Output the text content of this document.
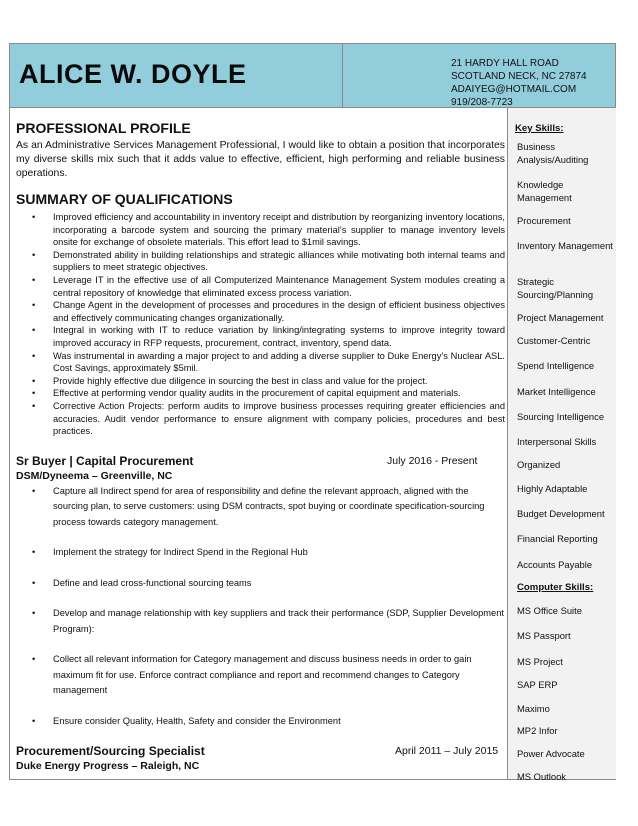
ALICE W. DOYLE	21 HARDY HALL ROAD
SCOTLAND NECK, NC 27874
ADAIYEG@HOTMAIL.COM
919/208-7723
PROFESSIONAL PROFILE

As an Administrative Services Management Professional, I would like to obtain a position that incorporates my diverse skills mix such that it adds value to effective, efficient, high performing and reliable business operations.

SUMMARY OF QUALIFICATIONS
• Improved efficiency and accountability in inventory receipt and distribution by reorganizing inventory locations, incorporating a barcode system and sourcing the primary material’s supplier to manage inventory levels onsite for exchange of obsolete materials. This effort lead to $1mil savings.
• Demonstrated ability in building relationships and strategic alliances while motivating both internal teams and suppliers to meet strategic objectives.
• Leverage IT in the effective use of all Computerized Maintenance Management System modules creating a central repository of knowledge that eliminated excess process variation.
• Change Agent in the development of processes and procedures in the design of efficient business objectives and effectively communicating changes organizationally.
• Integral in working with IT to reduce variation by linking/integrating systems to improve integrity toward improved accuracy in RFP requests, procurement, contract, inventory, spend data.
• Was instrumental in awarding a major project to and adding a diverse supplier to Duke Energy’s Nuclear ASL. Cost Savings, approximately $5mil.
• Provide highly effective due diligence in sourcing the best in class and value for the project.
• Effective at performing vendor quality audits in the procurement of capital equipment and materials.
• Corrective Action Projects: perform audits to improve business processes requiring greater efficiencies and accuracies. Audit vendor performance to ensure alignment with company policies, procedures and best practices.
Sr Buyer | Capital Procurement	July 2016 - Present
DSM/Dyneema – Greenville, NC
• Capture all Indirect spend for area of responsibility and define the relevant approach, aligned with the sourcing plan, to serve customers: using DSM contracts, spot buying or coordinate specification-sourcing process towards category management.
• Implement the strategy for Indirect Spend in the Regional Hub
• Define and lead cross-functional sourcing teams
• Develop and manage relationship with key suppliers and track their performance (SDP, Supplier Development Program):
• Collect all relevant information for Category management and discuss business needs in order to gain maximum fit for use. Enforce contract compliance and report and recommend changes to Category management
• Ensure consider Quality, Health, Safety and consider the Environment
Procurement/Sourcing Specialist	April 2011 – July 2015
Duke Energy Progress – Raleigh, NC
Key Skills:
Business Analysis/Auditing
Knowledge Management
Procurement
Inventory Management
Strategic Sourcing/Planning
Project Management
Customer-Centric
Spend Intelligence
Market Intelligence
Sourcing Intelligence
Interpersonal Skills
Organized
Highly Adaptable
Budget Development
Financial Reporting
Accounts Payable
Computer Skills:
MS Office Suite
MS Passport
MS Project
SAP ERP
Maximo
MP2 Infor
Power Advocate
MS Outlook
